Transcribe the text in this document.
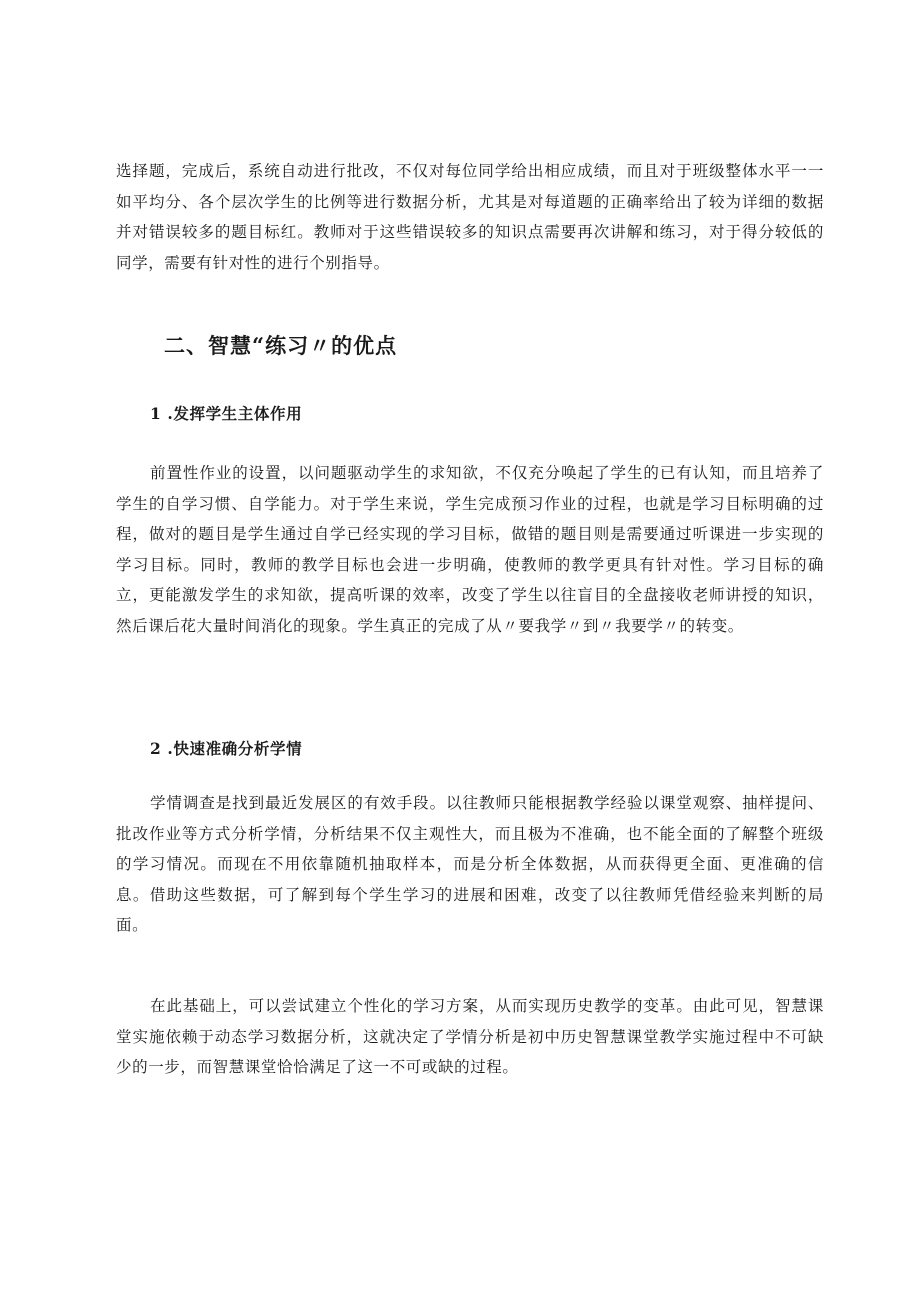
选择题，完成后，系统自动进行批改，不仅对每位同学给出相应成绩，而且对于班级整体水平一一如平均分、各个层次学生的比例等进行数据分析，尤其是对每道题的正确率给出了较为详细的数据并对错误较多的题目标红。教师对于这些错误较多的知识点需要再次讲解和练习，对于得分较低的同学，需要有针对性的进行个别指导。

二、智慧“练习〃的优点
1 .发挥学生主体作用

前置性作业的设置，以问题驱动学生的求知欲，不仅充分唤起了学生的已有认知，而且培养了学生的自学习惯、自学能力。对于学生来说，学生完成预习作业的过程，也就是学习目标明确的过程，做对的题目是学生通过自学已经实现的学习目标，做错的题目则是需要通过听课进一步实现的学习目标。同时，教师的教学目标也会进一步明确，使教师的教学更具有针对性。学习目标的确立，更能激发学生的求知欲，提高听课的效率，改变了学生以往盲目的全盘接收老师讲授的知识，然后课后花大量时间消化的现象。学生真正的完成了从〃要我学〃到〃我要学〃的转变。

2 .快速准确分析学情

学情调查是找到最近发展区的有效手段。以往教师只能根据教学经验以课堂观察、抽样提问、批改作业等方式分析学情，分析结果不仅主观性大，而且极为不准确，也不能全面的了解整个班级的学习情况。而现在不用依靠随机抽取样本，而是分析全体数据，从而获得更全面、更准确的信息。借助这些数据，可了解到每个学生学习的进展和困难，改变了以往教师凭借经验来判断的局面。

在此基础上，可以尝试建立个性化的学习方案，从而实现历史教学的变革。由此可见，智慧课堂实施依赖于动态学习数据分析，这就决定了学情分析是初中历史智慧课堂教学实施过程中不可缺少的一步，而智慧课堂恰恰满足了这一不可或缺的过程。
